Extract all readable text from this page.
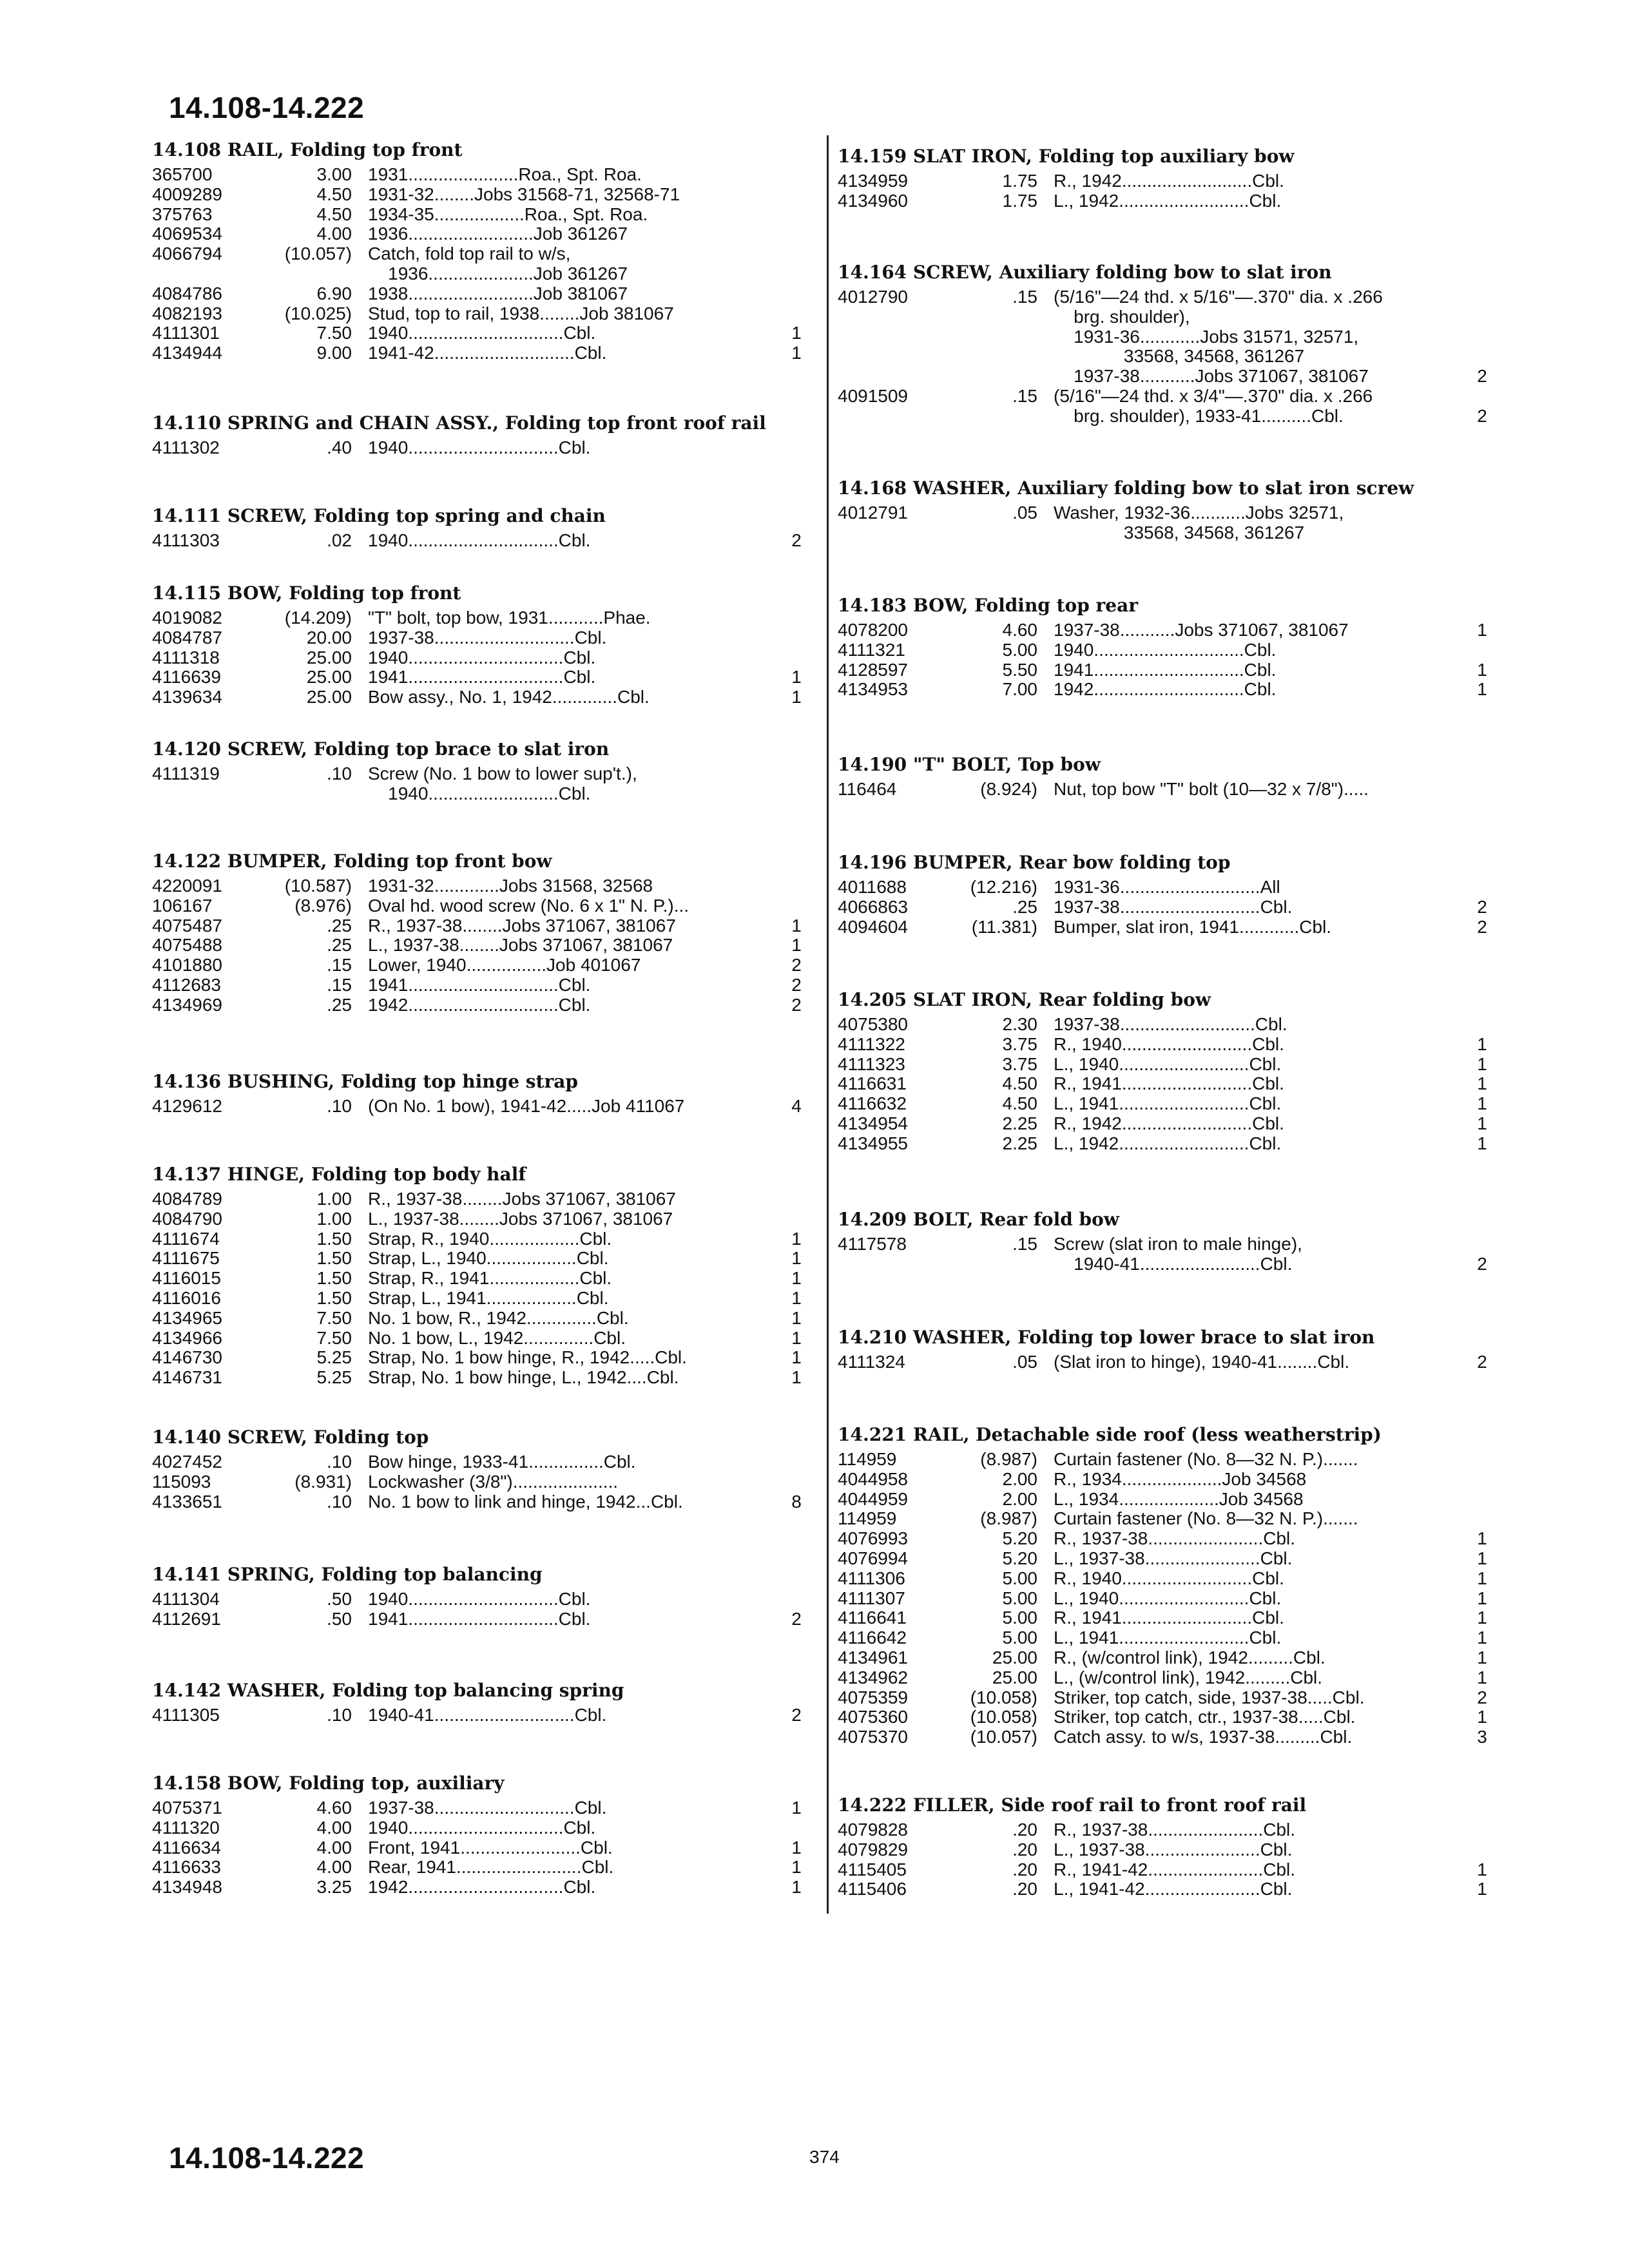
14.108-14.222
14.108 RAIL, Folding top front
365700	3.00 1931......................Roa., Spt. Roa.
4009289	4.50 1931-32........Jobs 31568-71, 32568-71
375763	4.50 1934-35..................Roa., Spt. Roa.
4069534	4.00 1936.........................Job 361267
4066794	(10.057) Catch, fold top rail to w/s,
1936.....................Job 361267
4084786	6.90 1938.........................Job 381067
4082193	(10.025) Stud, top to rail, 1938........Job 381067
4111301	7.50 1940...............................Cbl.	1
4134944	9.00 1941-42............................Cbl.	1
14.110 SPRING and CHAIN ASSY., Folding top front roof rail
4111302	.40 1940..............................Cbl.
14.111 SCREW, Folding top spring and chain
4111303	.02 1940..............................Cbl.	2
14.115 BOW, Folding top front
4019082	(14.209) "T" bolt, top bow, 1931...........Phae.
4084787	20.00 1937-38............................Cbl.
4111318	25.00 1940...............................Cbl.
4116639	25.00 1941...............................Cbl.	1
4139634	25.00 Bow assy., No. 1, 1942.............Cbl.	1
14.120 SCREW, Folding top brace to slat iron
4111319	.10 Screw (No. 1 bow to lower sup't.),
1940..........................Cbl.
14.122 BUMPER, Folding top front bow
4220091	(10.587) 1931-32.............Jobs 31568, 32568
106167	(8.976) Oval hd. wood screw (No. 6 x 1" N. P.)...
4075487	.25 R., 1937-38........Jobs 371067, 381067	1
4075488	.25 L., 1937-38........Jobs 371067, 381067	1
4101880	.15 Lower, 1940................Job 401067	2
4112683	.15 1941..............................Cbl.	2
4134969	.25 1942..............................Cbl.	2
14.136 BUSHING, Folding top hinge strap
4129612	.10 (On No. 1 bow), 1941-42.....Job 411067	4
14.137 HINGE, Folding top body half
4084789	1.00 R., 1937-38........Jobs 371067, 381067
4084790	1.00 L., 1937-38........Jobs 371067, 381067
4111674	1.50 Strap, R., 1940..................Cbl.	1
4111675	1.50 Strap, L., 1940..................Cbl.	1
4116015	1.50 Strap, R., 1941..................Cbl.	1
4116016	1.50 Strap, L., 1941..................Cbl.	1
4134965	7.50 No. 1 bow, R., 1942..............Cbl.	1
4134966	7.50 No. 1 bow, L., 1942..............Cbl.	1
4146730	5.25 Strap, No. 1 bow hinge, R., 1942.....Cbl.	1
4146731	5.25 Strap, No. 1 bow hinge, L., 1942....Cbl.	1
14.140 SCREW, Folding top
4027452	.10 Bow hinge, 1933-41...............Cbl.
115093	(8.931) Lockwasher (3/8").....................
4133651	.10 No. 1 bow to link and hinge, 1942...Cbl.	8
14.141 SPRING, Folding top balancing
4111304	.50 1940..............................Cbl.
4112691	.50 1941..............................Cbl.	2
14.142 WASHER, Folding top balancing spring
4111305	.10 1940-41............................Cbl.	2
14.158 BOW, Folding top, auxiliary
4075371	4.60 1937-38............................Cbl.	1
4111320	4.00 1940...............................Cbl.
4116634	4.00 Front, 1941........................Cbl.	1
4116633	4.00 Rear, 1941.........................Cbl.	1
4134948	3.25 1942...............................Cbl.	1
14.159 SLAT IRON, Folding top auxiliary bow
4134959	1.75 R., 1942..........................Cbl.
4134960	1.75 L., 1942..........................Cbl.
14.164 SCREW, Auxiliary folding bow to slat iron
4012790	.15 (5/16"—24 thd. x 5/16"—.370" dia. x .266
brg. shoulder),
1931-36............Jobs 31571, 32571,
33568, 34568, 361267
1937-38...........Jobs 371067, 381067	2
4091509	.15 (5/16"—24 thd. x 3/4"—.370" dia. x .266
brg. shoulder), 1933-41..........Cbl.	2
14.168 WASHER, Auxiliary folding bow to slat iron screw
4012791	.05 Washer, 1932-36...........Jobs 32571,
33568, 34568, 361267
14.183 BOW, Folding top rear
4078200	4.60 1937-38...........Jobs 371067, 381067	1
4111321	5.00 1940..............................Cbl.
4128597	5.50 1941..............................Cbl.	1
4134953	7.00 1942..............................Cbl.	1
14.190 "T" BOLT, Top bow
116464	(8.924) Nut, top bow "T" bolt (10—32 x 7/8").....
14.196 BUMPER, Rear bow folding top
4011688	(12.216) 1931-36............................All
4066863	.25 1937-38............................Cbl.	2
4094604	(11.381) Bumper, slat iron, 1941............Cbl.	2
14.205 SLAT IRON, Rear folding bow
4075380	2.30 1937-38...........................Cbl.
4111322	3.75 R., 1940..........................Cbl.	1
4111323	3.75 L., 1940..........................Cbl.	1
4116631	4.50 R., 1941..........................Cbl.	1
4116632	4.50 L., 1941..........................Cbl.	1
4134954	2.25 R., 1942..........................Cbl.	1
4134955	2.25 L., 1942..........................Cbl.	1
14.209 BOLT, Rear fold bow
4117578	.15 Screw (slat iron to male hinge),
1940-41........................Cbl.	2
14.210 WASHER, Folding top lower brace to slat iron
4111324	.05 (Slat iron to hinge), 1940-41........Cbl.	2
14.221 RAIL, Detachable side roof (less weatherstrip)
114959	(8.987) Curtain fastener (No. 8—32 N. P.).......
4044958	2.00 R., 1934....................Job 34568
4044959	2.00 L., 1934....................Job 34568
114959	(8.987) Curtain fastener (No. 8—32 N. P.).......
4076993	5.20 R., 1937-38.......................Cbl.	1
4076994	5.20 L., 1937-38.......................Cbl.	1
4111306	5.00 R., 1940..........................Cbl.	1
4111307	5.00 L., 1940..........................Cbl.	1
4116641	5.00 R., 1941..........................Cbl.	1
4116642	5.00 L., 1941..........................Cbl.	1
4134961	25.00 R., (w/control link), 1942.........Cbl.	1
4134962	25.00 L., (w/control link), 1942.........Cbl.	1
4075359	(10.058) Striker, top catch, side, 1937-38.....Cbl.	2
4075360	(10.058) Striker, top catch, ctr., 1937-38.....Cbl.	1
4075370	(10.057) Catch assy. to w/s, 1937-38.........Cbl.	3
14.222 FILLER, Side roof rail to front roof rail
4079828	.20 R., 1937-38.......................Cbl.
4079829	.20 L., 1937-38.......................Cbl.
4115405	.20 R., 1941-42.......................Cbl.	1
4115406	.20 L., 1941-42.......................Cbl.	1
14.108-14.222	374
